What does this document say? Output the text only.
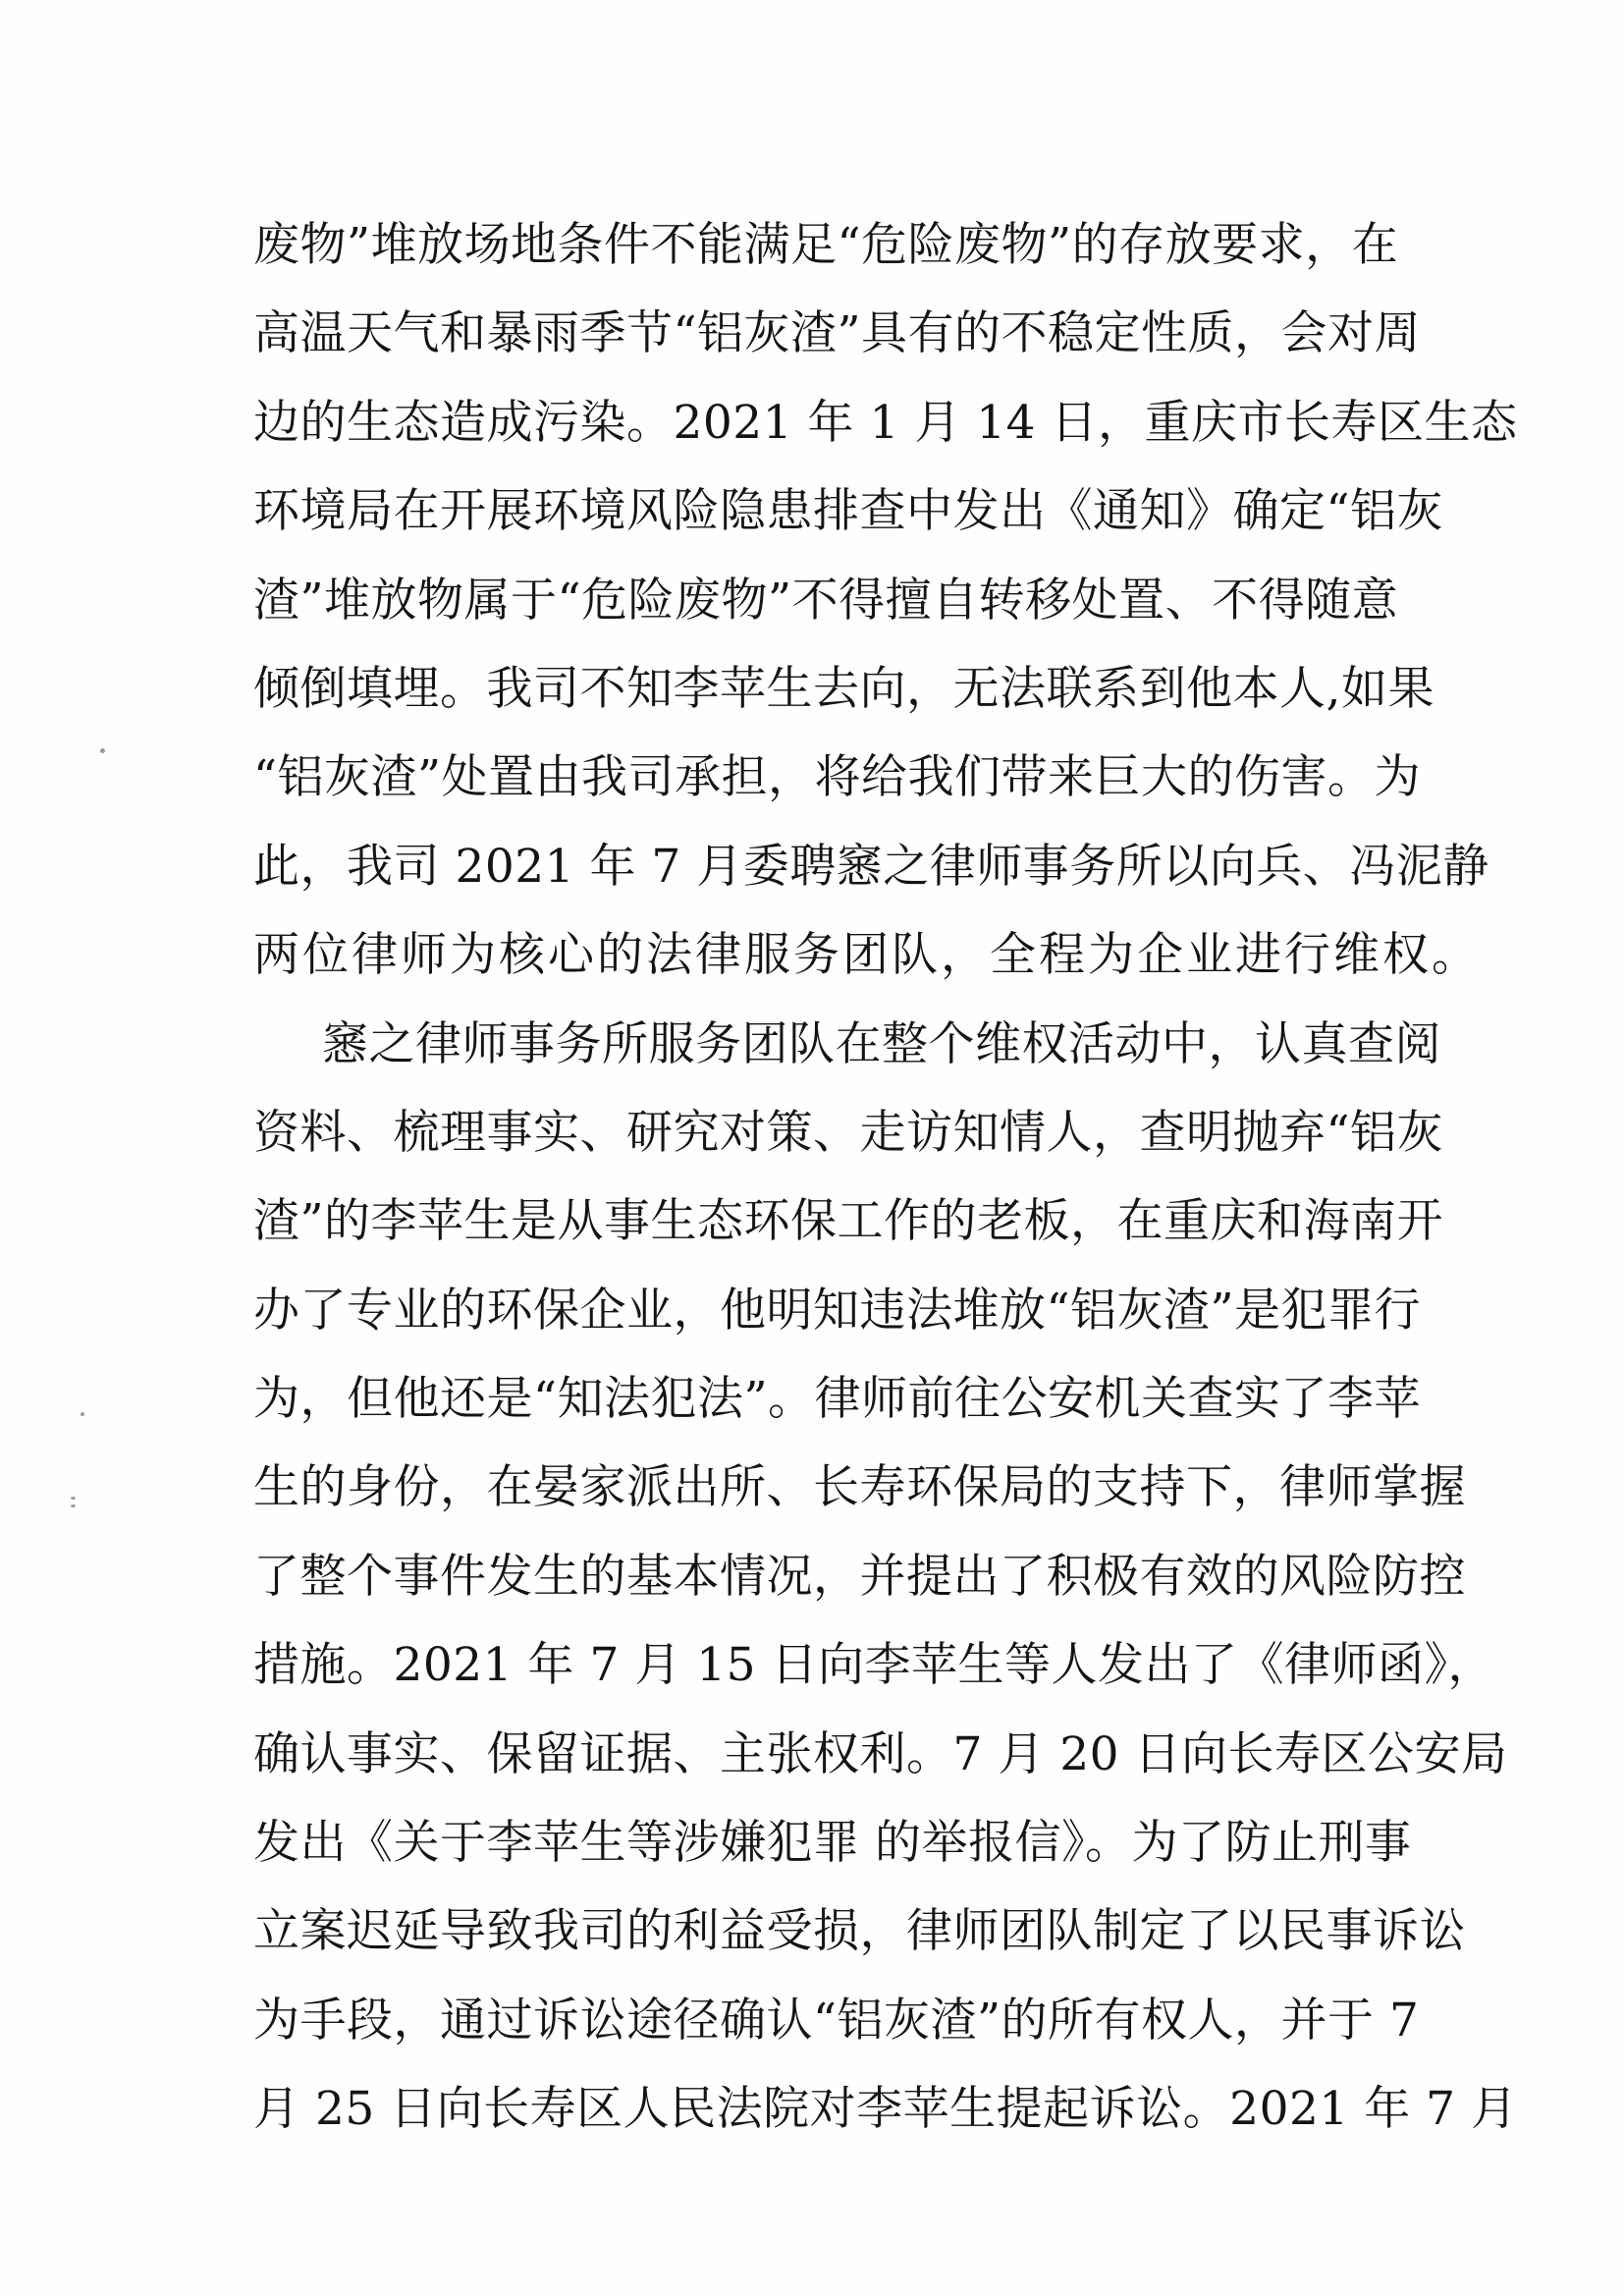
废物”堆放场地条件不能满足“危险废物”的存放要求，在
高温天气和暴雨季节“铝灰渣”具有的不稳定性质，会对周
边的生态造成污染。2021 年 1 月 14 日，重庆市长寿区生态
环境局在开展环境风险隐患排查中发出《通知》确定“铝灰
渣”堆放物属于“危险废物”不得擅自转移处置、不得随意
倾倒填埋。我司不知李苹生去向，无法联系到他本人,如果
“铝灰渣”处置由我司承担，将给我们带来巨大的伤害。为
此，我司 2021 年 7 月委聘窸之律师事务所以向兵、冯泥静
两位律师为核心的法律服务团队，全程为企业进行维权。
窸之律师事务所服务团队在整个维权活动中，认真查阅
资料、梳理事实、研究对策、走访知情人，查明抛弃“铝灰
渣”的李苹生是从事生态环保工作的老板，在重庆和海南开
办了专业的环保企业，他明知违法堆放“铝灰渣”是犯罪行
为，但他还是“知法犯法”。律师前往公安机关查实了李苹
生的身份，在晏家派出所、长寿环保局的支持下，律师掌握
了整个事件发生的基本情况，并提出了积极有效的风险防控
措施。2021 年 7 月 15 日向李苹生等人发出了《律师函》，
确认事实、保留证据、主张权利。7 月 20 日向长寿区公安局
发出《关于李苹生等涉嫌犯罪 的举报信》。为了防止刑事
立案迟延导致我司的利益受损，律师团队制定了以民事诉讼
为手段，通过诉讼途径确认“铝灰渣”的所有权人，并于 7
月 25 日向长寿区人民法院对李苹生提起诉讼。2021 年 7 月
